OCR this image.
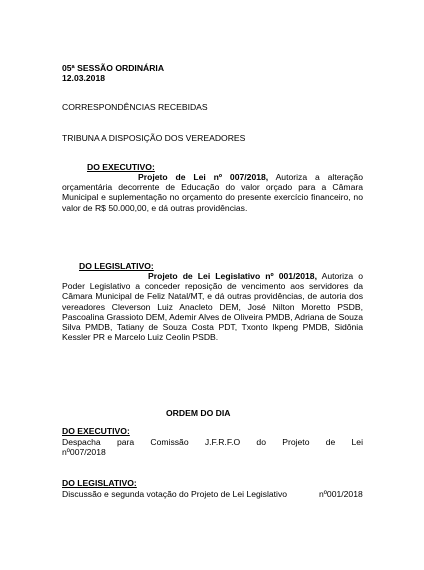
05ª SESSÃO ORDINÁRIA
12.03.2018
CORRESPONDÊNCIAS RECEBIDAS
TRIBUNA A DISPOSIÇÃO DOS VEREADORES
DO EXECUTIVO:
Projeto de Lei nº 007/2018, Autoriza a alteração orçamentária decorrente de Educação do valor orçado para a Câmara Municipal e suplementação no orçamento do presente exercício financeiro, no valor de R$ 50.000,00, e dá outras providências.
DO LEGISLATIVO:
Projeto de Lei Legislativo nº 001/2018, Autoriza o Poder Legislativo a conceder reposição de vencimento aos servidores da Câmara Municipal de Feliz Natal/MT, e dá outras providências, de autoria dos vereadores Cleverson Luiz Anacleto DEM, José Nilton Moretto PSDB, Pascoalina Grassioto DEM, Ademir Alves de Oliveira PMDB, Adriana de Souza Silva PMDB, Tatiany de Souza Costa PDT, Txonto Ikpeng PMDB, Sidônia Kessler PR e Marcelo Luiz Ceolin PSDB.
ORDEM DO DIA
DO EXECUTIVO:
Despacha para Comissão J.F.R.F.O do Projeto de Lei
nº007/2018
DO LEGISLATIVO:
Discussão e segunda votação do Projeto de Lei Legislativo	nº001/2018
